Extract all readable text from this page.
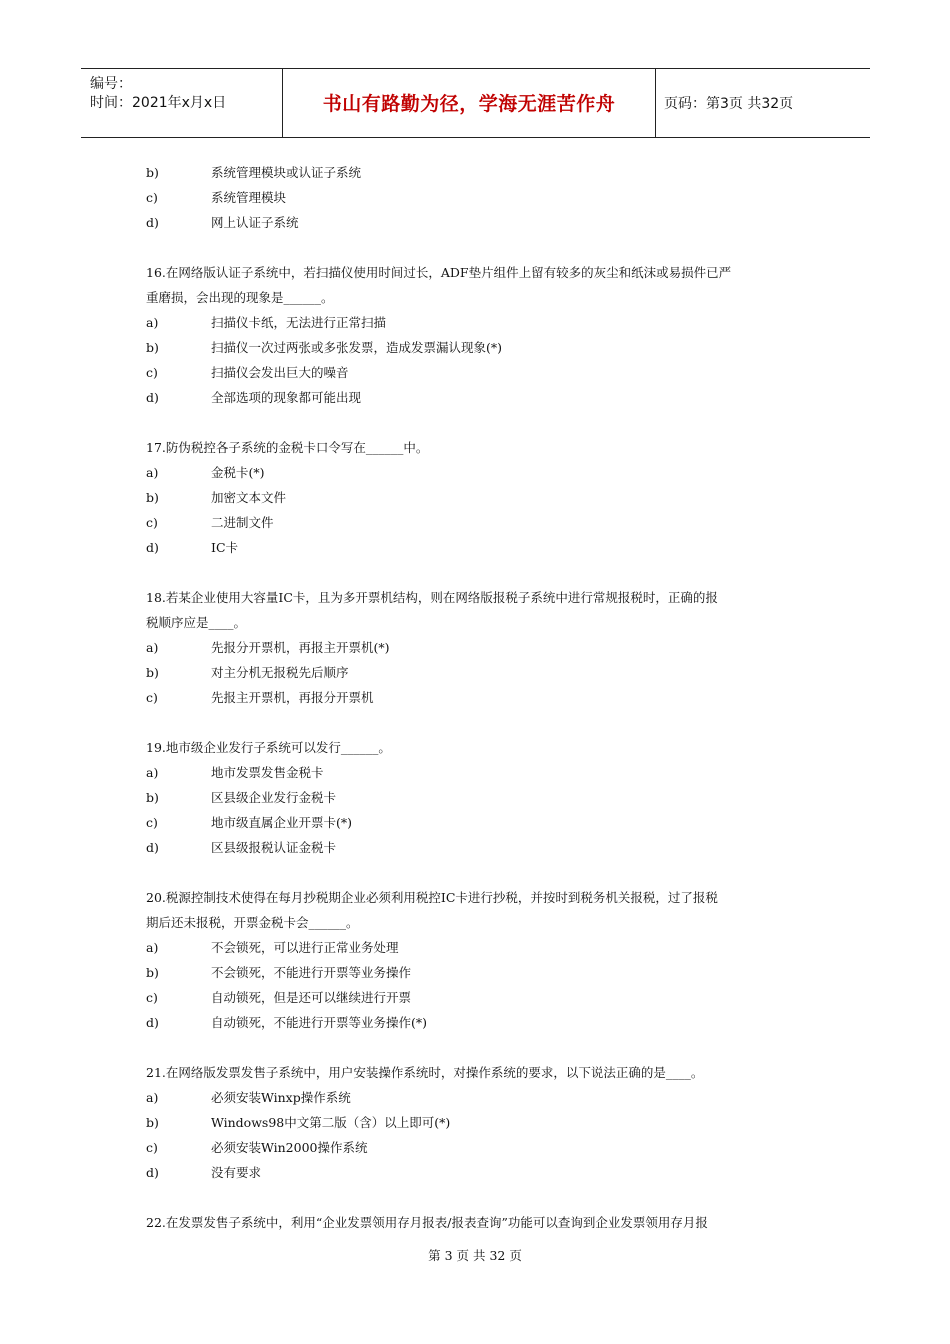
编号：
时间：2021年x月x日	书山有路勤为径，学海无涯苦作舟	页码：第3页 共32页
b)	系统管理模块或认证子系统
c)	系统管理模块
d)	网上认证子系统
16.在网络版认证子系统中，若扫描仪使用时间过长，ADF垫片组件上留有较多的灰尘和纸沫或易损件已严
重磨损，会出现的现象是______。
a)	扫描仪卡纸，无法进行正常扫描
b)	扫描仪一次过两张或多张发票，造成发票漏认现象(*)
c)	扫描仪会发出巨大的噪音
d)	全部选项的现象都可能出现
17.防伪税控各子系统的金税卡口令写在______中。
a)	金税卡(*)
b)	加密文本文件
c)	二进制文件
d)	IC卡
18.若某企业使用大容量IC卡，且为多开票机结构，则在网络版报税子系统中进行常规报税时，正确的报
税顺序应是____。
a)	先报分开票机，再报主开票机(*)
b)	对主分机无报税先后顺序
c)	先报主开票机，再报分开票机
19.地市级企业发行子系统可以发行______。
a)	地市发票发售金税卡
b)	区县级企业发行金税卡
c)	地市级直属企业开票卡(*)
d)	区县级报税认证金税卡
20.税源控制技术使得在每月抄税期企业必须利用税控IC卡进行抄税，并按时到税务机关报税，过了报税
期后还未报税，开票金税卡会______。
a)	不会锁死，可以进行正常业务处理
b)	不会锁死，不能进行开票等业务操作
c)	自动锁死，但是还可以继续进行开票
d)	自动锁死，不能进行开票等业务操作(*)
21.在网络版发票发售子系统中，用户安装操作系统时，对操作系统的要求，以下说法正确的是____。
a)	必须安装Winxp操作系统
b)	Windows98中文第二版（含）以上即可(*)
c)	必须安装Win2000操作系统
d)	没有要求
22.在发票发售子系统中，利用“企业发票领用存月报表/报表查询”功能可以查询到企业发票领用存月报
第 3 页 共 32 页
